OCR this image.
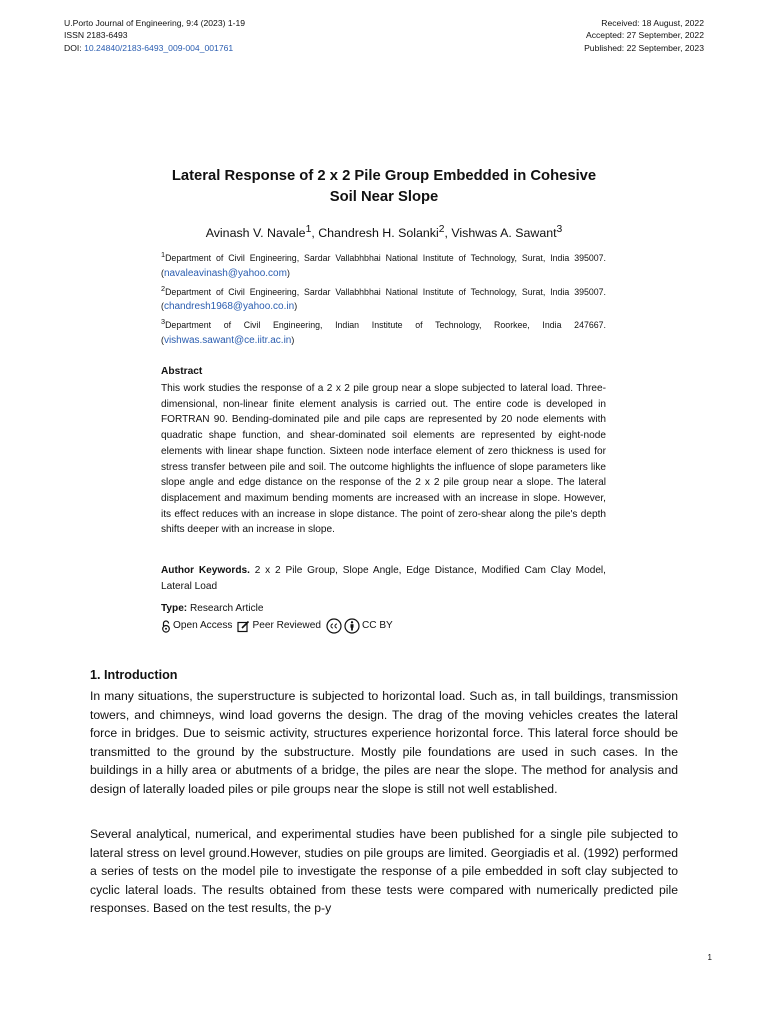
U.Porto Journal of Engineering, 9:4 (2023) 1-19
ISSN 2183-6493
DOI: 10.24840/2183-6493_009-004_001761
Received: 18 August, 2022
Accepted: 27 September, 2022
Published: 22 September, 2023
Lateral Response of 2 x 2 Pile Group Embedded in Cohesive
Soil Near Slope
Avinash V. Navale$^1$, Chandresh H. Solanki$^2$, Vishwas A. Sawant$^3$

$^1$Department of Civil Engineering, Sardar Vallabhbhai National Institute of Technology, Surat, India 395007. (navaleavinash@yahoo.com)

$^2$Department of Civil Engineering, Sardar Vallabhbhai National Institute of Technology, Surat, India 395007. (chandresh1968@yahoo.co.in)

$^3$Department of Civil Engineering, Indian Institute of Technology, Roorkee, India 247667. (vishwas.sawant@ce.iitr.ac.in)

Abstract

This work studies the response of a 2 x 2 pile group near a slope subjected to lateral load. Three-dimensional, non-linear finite element analysis is carried out. The entire code is developed in FORTRAN 90. Bending-dominated pile and pile caps are represented by 20 node elements with quadratic shape function, and shear-dominated soil elements are represented by eight-node elements with linear shape function. Sixteen node interface element of zero thickness is used for stress transfer between pile and soil. The outcome highlights the influence of slope parameters like slope angle and edge distance on the response of the 2 x 2 pile group near a slope. The lateral displacement and maximum bending moments are increased with an increase in slope. However, its effect reduces with an increase in slope distance. The point of zero-shear along the pile's depth shifts deeper with an increase in slope.

Author Keywords. 2 x 2 Pile Group, Slope Angle, Edge Distance, Modified Cam Clay Model, Lateral Load

Type: Research Article
Open Access Peer Reviewed	CC BY
1. Introduction

In many situations, the superstructure is subjected to horizontal load. Such as, in tall buildings, transmission towers, and chimneys, wind load governs the design. The drag of the moving vehicles creates the lateral force in bridges. Due to seismic activity, structures experience horizontal force. This lateral force should be transmitted to the ground by the substructure. Mostly pile foundations are used in such cases. In the buildings in a hilly area or abutments of a bridge, the piles are near the slope. The method for analysis and design of laterally loaded piles or pile groups near the slope is still not well established.

Several analytical, numerical, and experimental studies have been published for a single pile subjected to lateral stress on level ground.However, studies on pile groups are limited. Georgiadis et al. (1992) performed a series of tests on the model pile to investigate the response of a pile embedded in soft clay subjected to cyclic lateral loads. The results obtained from these tests were compared with numerically predicted pile responses. Based on the test results, the p-y

1
